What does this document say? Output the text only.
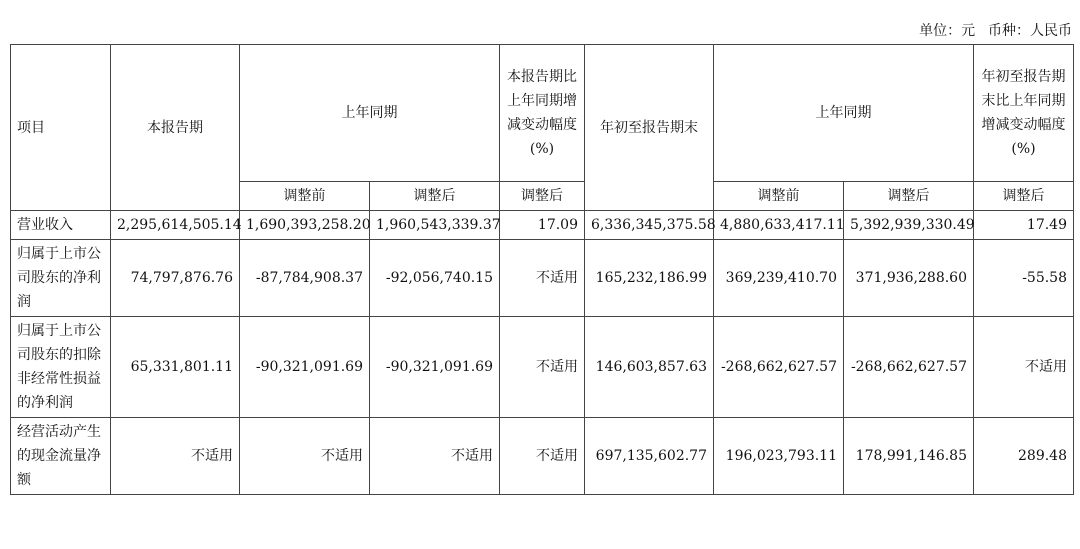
单位：元 币种：人民币
项目	本报告期	上年同期		本报告期比上年同期增减变动幅度(%)	年初至报告期末	上年同期		年初至报告期末比上年同期增减变动幅度(%)
		调整前	调整后	调整后		调整前	调整后	调整后
营业收入	2,295,614,505.14	1,690,393,258.20	1,960,543,339.37	17.09	6,336,345,375.58	4,880,633,417.11	5,392,939,330.49	17.49
归属于上市公司股东的净利润	74,797,876.76	-87,784,908.37	-92,056,740.15	不适用	165,232,186.99	369,239,410.70	371,936,288.60	-55.58
归属于上市公司股东的扣除非经常性损益的净利润	65,331,801.11	-90,321,091.69	-90,321,091.69	不适用	146,603,857.63	-268,662,627.57	-268,662,627.57	不适用
经营活动产生的现金流量净额	不适用	不适用	不适用	不适用	697,135,602.77	196,023,793.11	178,991,146.85	289.48
